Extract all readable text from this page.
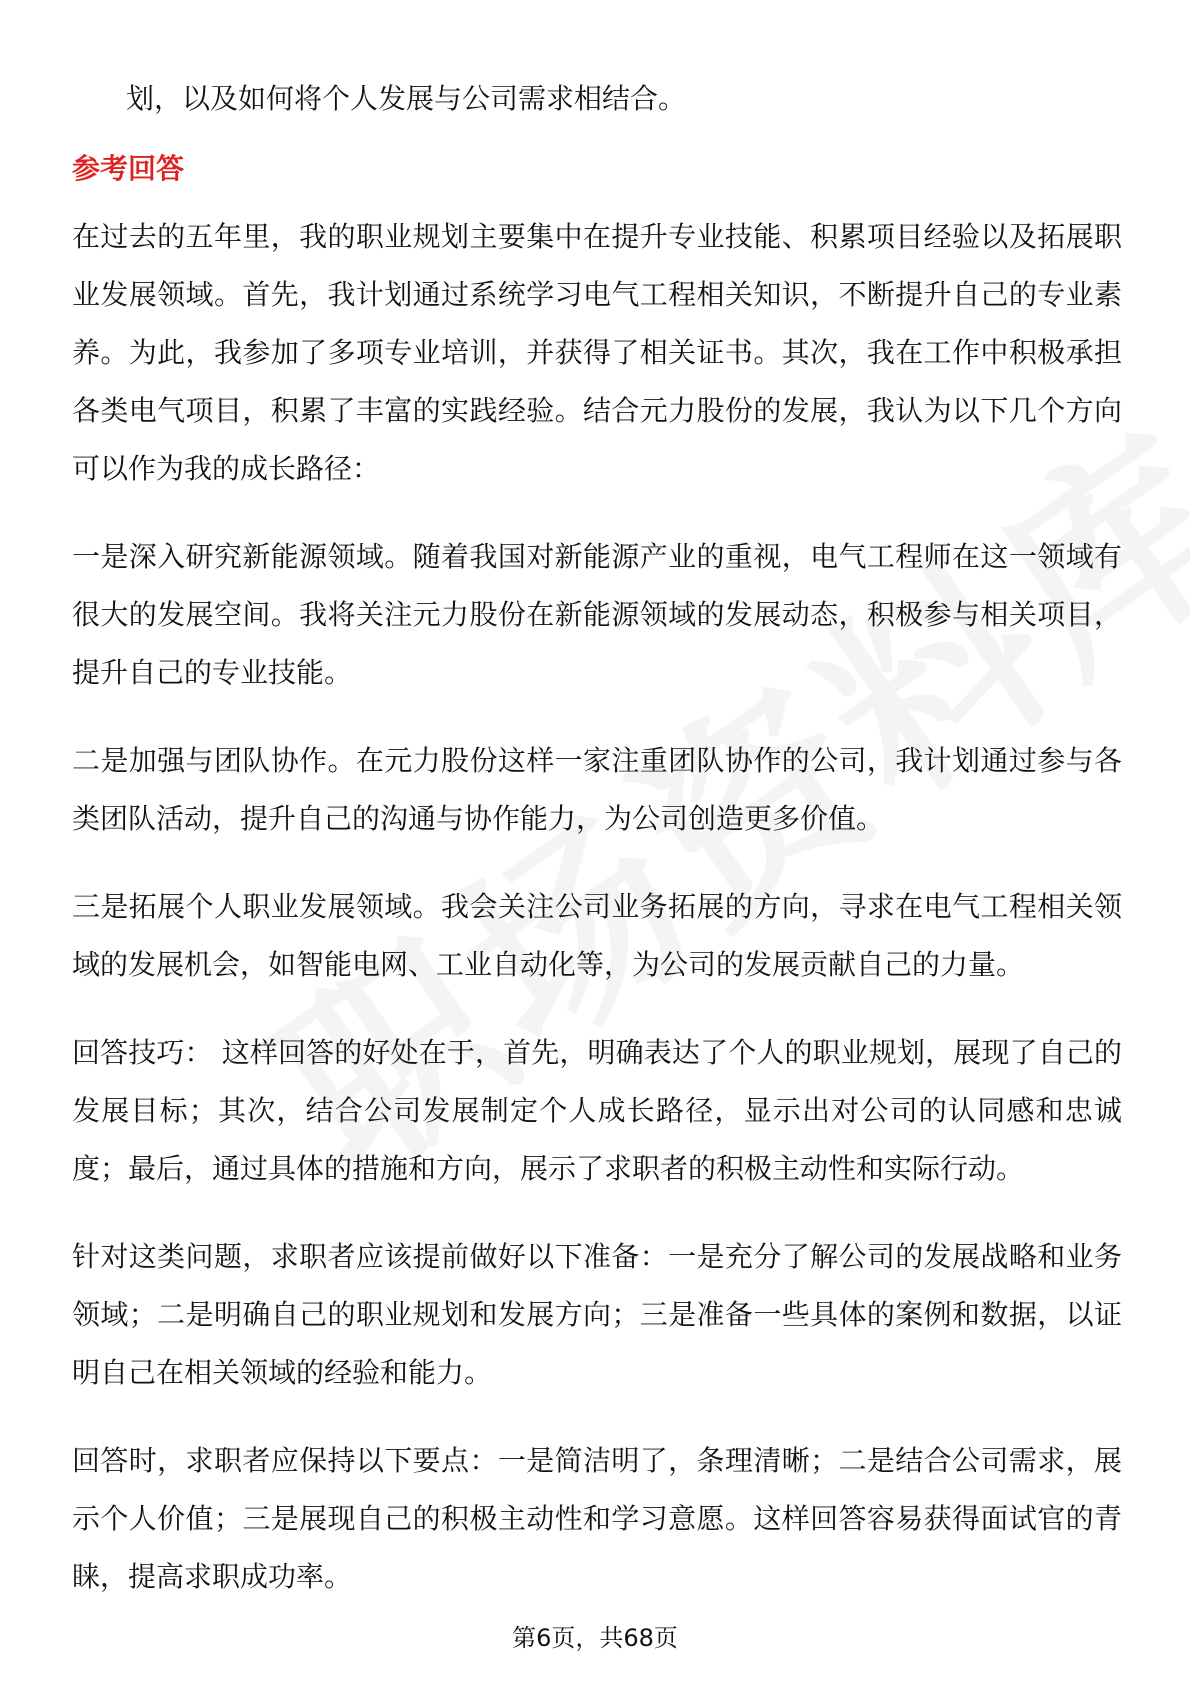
划，以及如何将个人发展与公司需求相结合。

参考回答

在过去的五年里，我的职业规划主要集中在提升专业技能、积累项目经验以及拓展职业发展领域。首先，我计划通过系统学习电气工程相关知识，不断提升自己的专业素养。为此，我参加了多项专业培训，并获得了相关证书。其次，我在工作中积极承担各类电气项目，积累了丰富的实践经验。结合元力股份的发展，我认为以下几个方向可以作为我的成长路径：

一是深入研究新能源领域。随着我国对新能源产业的重视，电气工程师在这一领域有很大的发展空间。我将关注元力股份在新能源领域的发展动态，积极参与相关项目，提升自己的专业技能。

二是加强与团队协作。在元力股份这样一家注重团队协作的公司，我计划通过参与各类团队活动，提升自己的沟通与协作能力，为公司创造更多价值。

三是拓展个人职业发展领域。我会关注公司业务拓展的方向，寻求在电气工程相关领域的发展机会，如智能电网、工业自动化等，为公司的发展贡献自己的力量。

回答技巧： 这样回答的好处在于，首先，明确表达了个人的职业规划，展现了自己的发展目标；其次，结合公司发展制定个人成长路径，显示出对公司的认同感和忠诚度；最后，通过具体的措施和方向，展示了求职者的积极主动性和实际行动。

针对这类问题，求职者应该提前做好以下准备：一是充分了解公司的发展战略和业务领域；二是明确自己的职业规划和发展方向；三是准备一些具体的案例和数据，以证明自己在相关领域的经验和能力。

回答时，求职者应保持以下要点：一是简洁明了，条理清晰；二是结合公司需求，展示个人价值；三是展现自己的积极主动性和学习意愿。这样回答容易获得面试官的青睐，提高求职成功率。

第6页，共68页
